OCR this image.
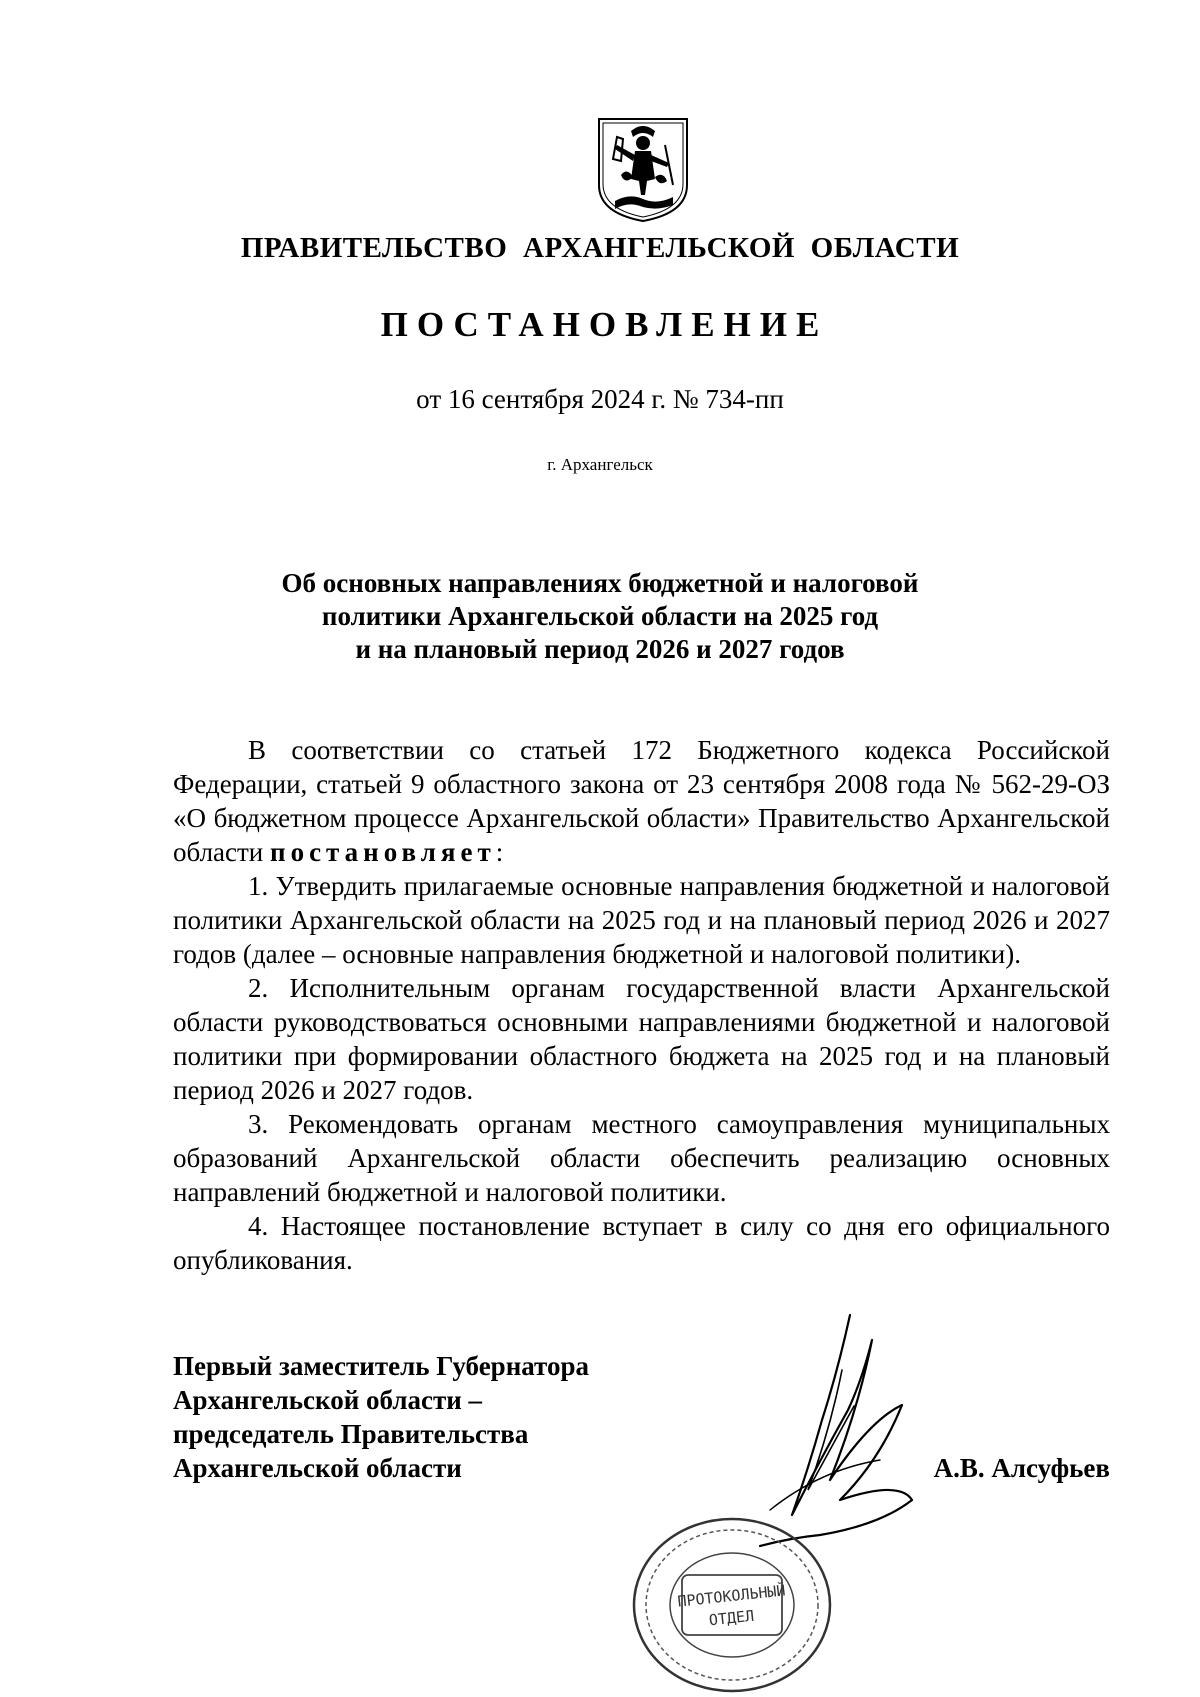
ПРАВИТЕЛЬСТВО АРХАНГЕЛЬСКОЙ ОБЛАСТИ
ПОСТАНОВЛЕНИЕ
от 16 сентября 2024 г. № 734-пп
г. Архангельск
Об основных направлениях бюджетной и налоговой
политики Архангельской области на 2025 год
и на плановый период 2026 и 2027 годов

В соответствии со статьей 172 Бюджетного кодекса Российской Федерации, статьей 9 областного закона от 23 сентября 2008 года № 562-29-ОЗ «О бюджетном процессе Архангельской области» Правительство Архангельской области постановляет:

1. Утвердить прилагаемые основные направления бюджетной и налоговой политики Архангельской области на 2025 год и на плановый период 2026 и 2027 годов (далее – основные направления бюджетной и налоговой политики).

2. Исполнительным органам государственной власти Архангельской области руководствоваться основными направлениями бюджетной и налоговой политики при формировании областного бюджета на 2025 год и на плановый период 2026 и 2027 годов.

3. Рекомендовать органам местного самоуправления муниципальных образований Архангельской области обеспечить реализацию основных направлений бюджетной и налоговой политики.

4. Настоящее постановление вступает в силу со дня его официального опубликования.

Первый заместитель Губернатора
Архангельской области –
председатель Правительства
Архангельской области	А.В. Алсуфьев
ПРОТОКОЛЬНЫЙ
ОТДЕЛ
